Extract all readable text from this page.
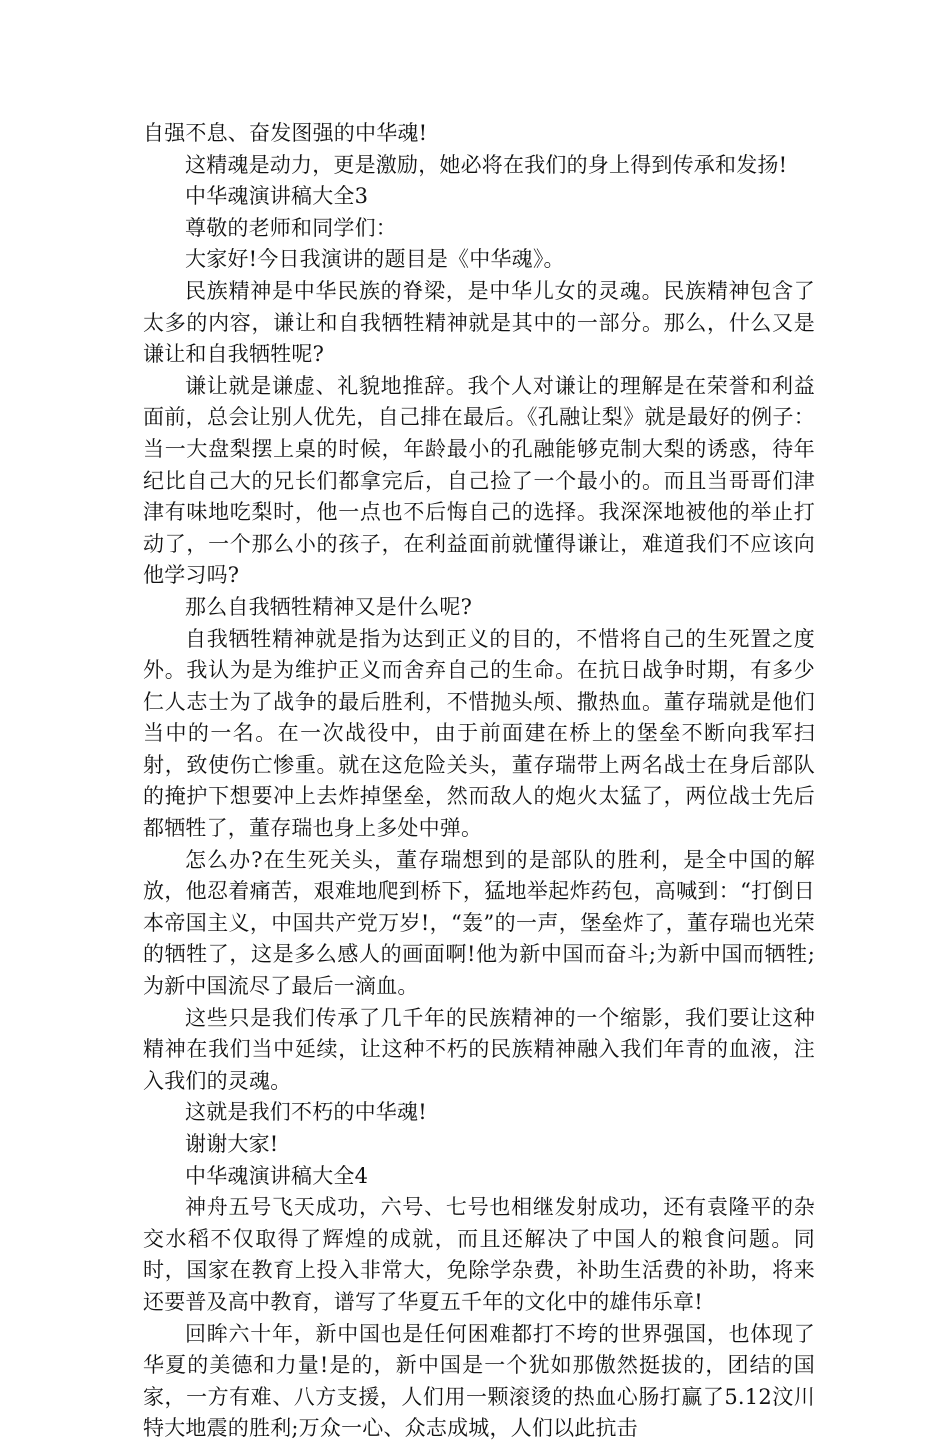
自强不息、奋发图强的中华魂!

这精魂是动力，更是激励，她必将在我们的身上得到传承和发扬!

中华魂演讲稿大全3

尊敬的老师和同学们：

大家好!今日我演讲的题目是《中华魂》。

民族精神是中华民族的脊梁，是中华儿女的灵魂。民族精神包含了太多的内容，谦让和自我牺牲精神就是其中的一部分。那么，什么又是谦让和自我牺牲呢?

谦让就是谦虚、礼貌地推辞。我个人对谦让的理解是在荣誉和利益面前，总会让别人优先，自己排在最后。《孔融让梨》就是最好的例子：当一大盘梨摆上桌的时候，年龄最小的孔融能够克制大梨的诱惑，待年纪比自己大的兄长们都拿完后，自己捡了一个最小的。而且当哥哥们津津有味地吃梨时，他一点也不后悔自己的选择。我深深地被他的举止打动了，一个那么小的孩子，在利益面前就懂得谦让，难道我们不应该向他学习吗?

那么自我牺牲精神又是什么呢?

自我牺牲精神就是指为达到正义的目的，不惜将自己的生死置之度外。我认为是为维护正义而舍弃自己的生命。在抗日战争时期，有多少仁人志士为了战争的最后胜利，不惜抛头颅、撒热血。董存瑞就是他们当中的一名。在一次战役中，由于前面建在桥上的堡垒不断向我军扫射，致使伤亡惨重。就在这危险关头，董存瑞带上两名战士在身后部队的掩护下想要冲上去炸掉堡垒，然而敌人的炮火太猛了，两位战士先后都牺牲了，董存瑞也身上多处中弹。

怎么办?在生死关头，董存瑞想到的是部队的胜利，是全中国的解放，他忍着痛苦，艰难地爬到桥下，猛地举起炸药包，高喊到：“打倒日本帝国主义，中国共产党万岁!，“轰”的一声，堡垒炸了，董存瑞也光荣的牺牲了，这是多么感人的画面啊!他为新中国而奋斗;为新中国而牺牲;为新中国流尽了最后一滴血。

这些只是我们传承了几千年的民族精神的一个缩影，我们要让这种精神在我们当中延续，让这种不朽的民族精神融入我们年青的血液，注入我们的灵魂。

这就是我们不朽的中华魂!

谢谢大家!

中华魂演讲稿大全4

神舟五号飞天成功，六号、七号也相继发射成功，还有袁隆平的杂交水稻不仅取得了辉煌的成就，而且还解决了中国人的粮食问题。同时，国家在教育上投入非常大，免除学杂费，补助生活费的补助，将来还要普及高中教育，谱写了华夏五千年的文化中的雄伟乐章!

回眸六十年，新中国也是任何困难都打不垮的世界强国，也体现了华夏的美德和力量!是的，新中国是一个犹如那傲然挺拔的，团结的国家，一方有难、八方支援，人们用一颗滚烫的热血心肠打赢了5.12汶川特大地震的胜利;万众一心、众志成城，人们以此抗击
